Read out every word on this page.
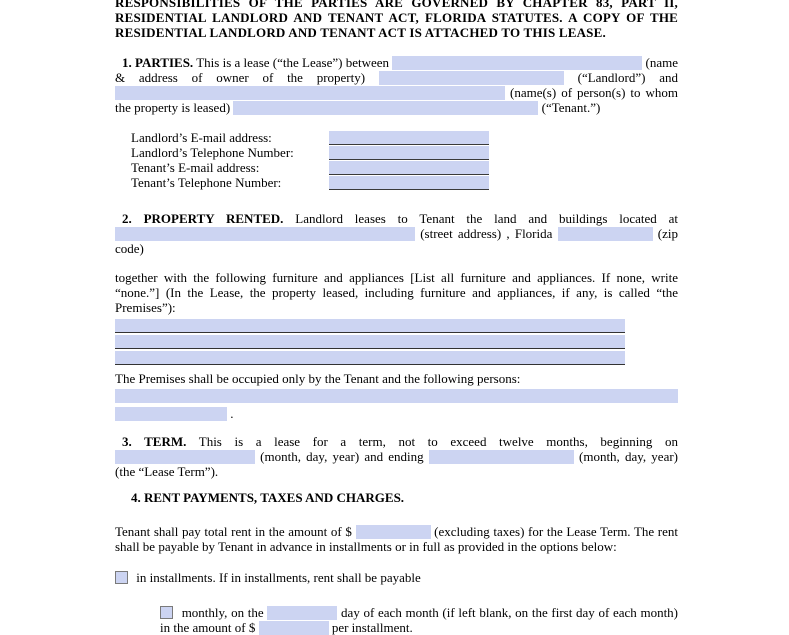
RESPONSIBILITIES OF THE PARTIES ARE GOVERNED BY CHAPTER 83, PART II, RESIDENTIAL LANDLORD AND TENANT ACT, FLORIDA STATUTES. A COPY OF THE RESIDENTIAL LANDLORD AND TENANT ACT IS ATTACHED TO THIS LEASE.

1. PARTIES. This is a lease (“the Lease”) between	(name & address of owner of the property)	(“Landlord”) and  (name(s) of person(s) to whom the property is leased)	(“Tenant.”)

Landlord’s E-mail address:
Landlord’s Telephone Number:
Tenant’s E-mail address:
Tenant’s Telephone Number:

2. PROPERTY RENTED. Landlord leases to Tenant the land and buildings located at  (street address) , Florida	(zip code)

together with the following furniture and appliances [List all furniture and appliances. If none, write “none.”] (In the Lease, the property leased, including furniture and appliances, if any, is called “the Premises”):

The Premises shall be occupied only by the Tenant and the following persons:

.

3. TERM. This is a lease for a term, not to exceed twelve months, beginning on  (month, day, year) and ending	(month, day, year) (the “Lease Term”).

4. RENT PAYMENTS, TAXES AND CHARGES.

Tenant shall pay total rent in the amount of $	(excluding taxes) for the Lease Term. The rent shall be payable by Tenant in advance in installments or in full as provided in the options below:

in installments. If in installments, rent shall be payable

monthly, on the	day of each month (if left blank, on the first day of each month) in the amount of $	per installment.
